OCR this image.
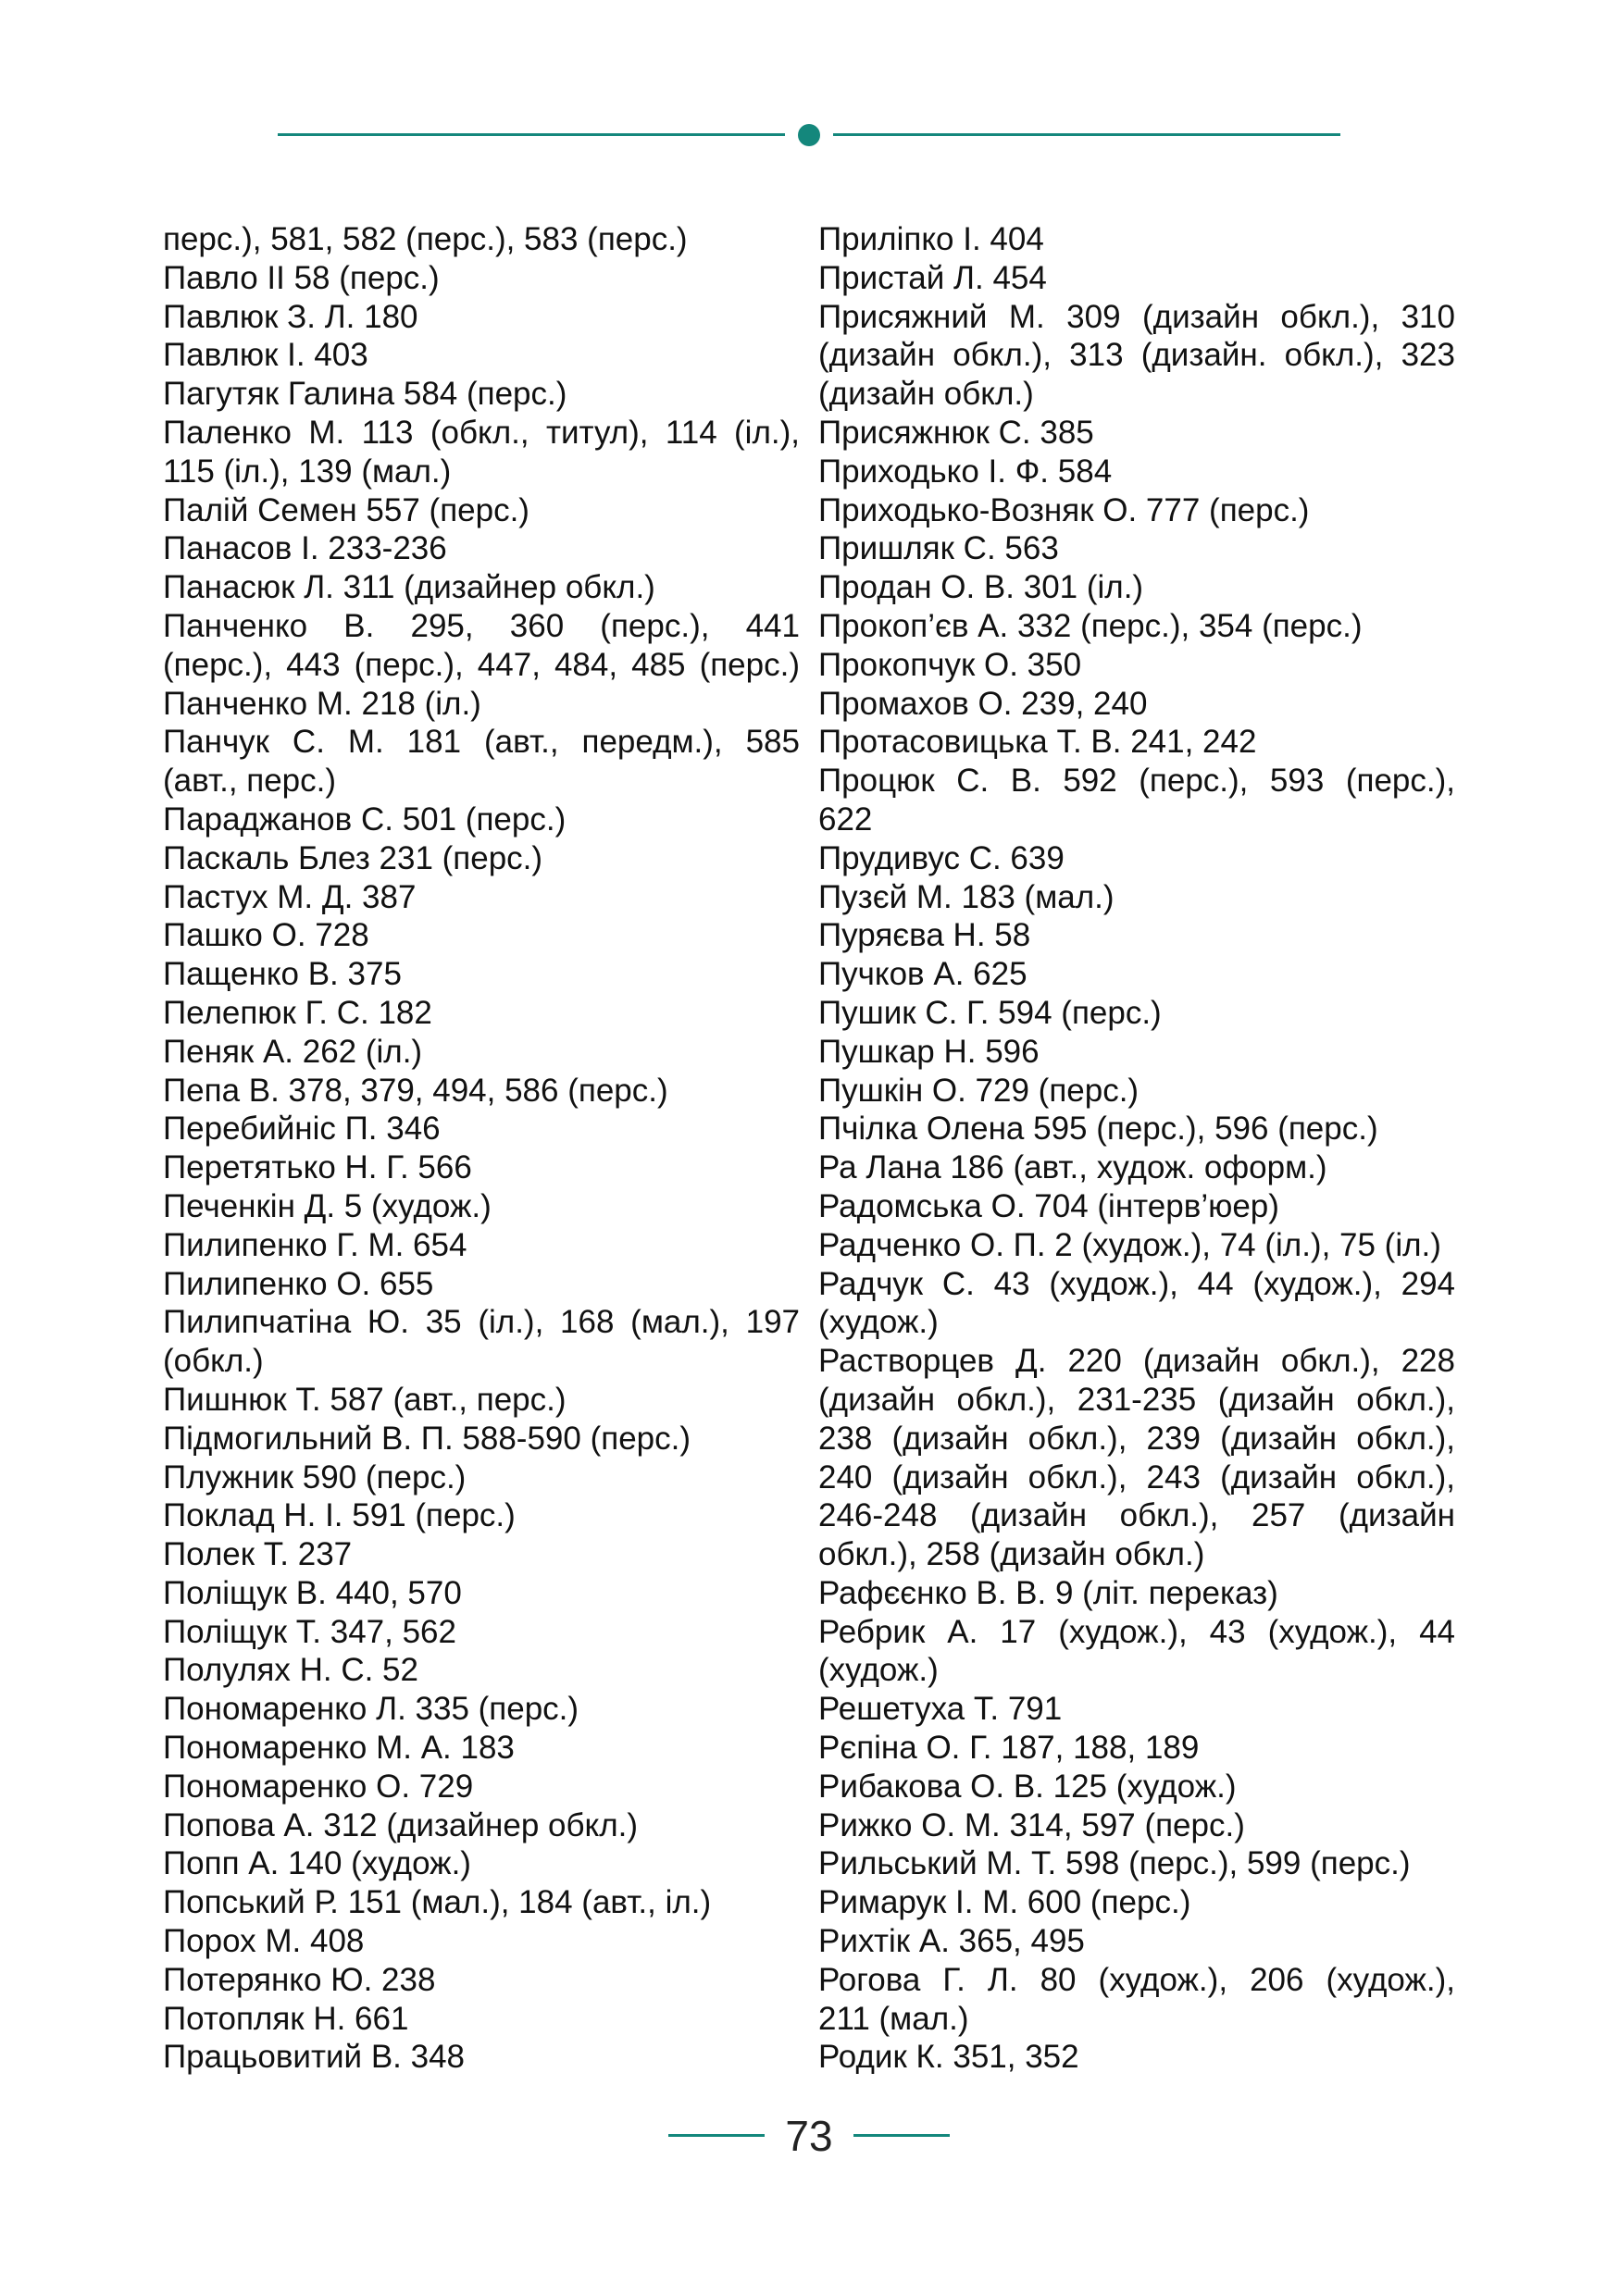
перс.), 581, 582 (перс.), 583 (перс.)
Павло ІІ 58 (перс.)
Павлюк З. Л. 180
Павлюк І. 403
Пагутяк Галина 584 (перс.)
Паленко М. 113 (обкл., титул), 114 (іл.),
115 (іл.), 139 (мал.)
Палій Семен 557 (перс.)
Панасов І. 233-236
Панасюк Л. 311 (дизайнер обкл.)
Панченко В. 295, 360 (перс.), 441
(перс.), 443 (перс.), 447, 484, 485 (перс.)
Панченко М. 218 (іл.)
Панчук С. М. 181 (авт., передм.), 585
(авт., перс.)
Параджанов С. 501 (перс.)
Паскаль Блез 231 (перс.)
Пастух М. Д. 387
Пашко О. 728
Пащенко В. 375
Пелепюк Г. С. 182
Пеняк А. 262 (іл.)
Пепа В. 378, 379, 494, 586 (перс.)
Перебийніс П. 346
Перетятько Н. Г. 566
Печенкін Д. 5 (худож.)
Пилипенко Г. М. 654
Пилипенко О. 655
Пилипчатіна Ю. 35 (іл.), 168 (мал.), 197
(обкл.)
Пишнюк Т. 587 (авт., перс.)
Підмогильний В. П. 588-590 (перс.)
Плужник 590 (перс.)
Поклад Н. І. 591 (перс.)
Полек Т. 237
Поліщук В. 440, 570
Поліщук Т. 347, 562
Полулях Н. С. 52
Пономаренко Л. 335 (перс.)
Пономаренко М. А. 183
Пономаренко О. 729
Попова А. 312 (дизайнер обкл.)
Попп А. 140 (худож.)
Попський Р. 151 (мал.), 184 (авт., іл.)
Порох М. 408
Потерянко Ю. 238
Потопляк Н. 661
Працьовитий В. 348
Приліпко І. 404
Пристай Л. 454
Присяжний М. 309 (дизайн обкл.), 310
(дизайн обкл.), 313 (дизайн. обкл.), 323
(дизайн обкл.)
Присяжнюк С. 385
Приходько І. Ф. 584
Приходько-Возняк О. 777 (перс.)
Пришляк С. 563
Продан О. В. 301 (іл.)
Прокоп’єв А. 332 (перс.), 354 (перс.)
Прокопчук О. 350
Промахов О. 239, 240
Протасовицька Т. В. 241, 242
Процюк С. В. 592 (перс.), 593 (перс.),
622
Прудивус С. 639
Пузєй М. 183 (мал.)
Пуряєва Н. 58
Пучков А. 625
Пушик С. Г. 594 (перс.)
Пушкар Н. 596
Пушкін О. 729 (перс.)
Пчілка Олена 595 (перс.), 596 (перс.)
Ра Лана 186 (авт., худож. оформ.)
Радомська О. 704 (інтерв’юер)
Радченко О. П. 2 (худож.), 74 (іл.), 75 (іл.)
Радчук С. 43 (худож.), 44 (худож.), 294
(худож.)
Растворцев Д. 220 (дизайн обкл.), 228
(дизайн обкл.), 231-235 (дизайн обкл.),
238 (дизайн обкл.), 239 (дизайн обкл.),
240 (дизайн обкл.), 243 (дизайн обкл.),
246-248 (дизайн обкл.), 257 (дизайн
обкл.), 258 (дизайн обкл.)
Рафєєнко В. В. 9 (літ. переказ)
Ребрик А. 17 (худож.), 43 (худож.), 44
(худож.)
Решетуха Т. 791
Рєпіна О. Г. 187, 188, 189
Рибакова О. В. 125 (худож.)
Рижко О. М. 314, 597 (перс.)
Рильський М. Т. 598 (перс.), 599 (перс.)
Римарук І. М. 600 (перс.)
Рихтік А. 365, 495
Рогова Г. Л. 80 (худож.), 206 (худож.),
211 (мал.)
Родик К. 351, 352
73
